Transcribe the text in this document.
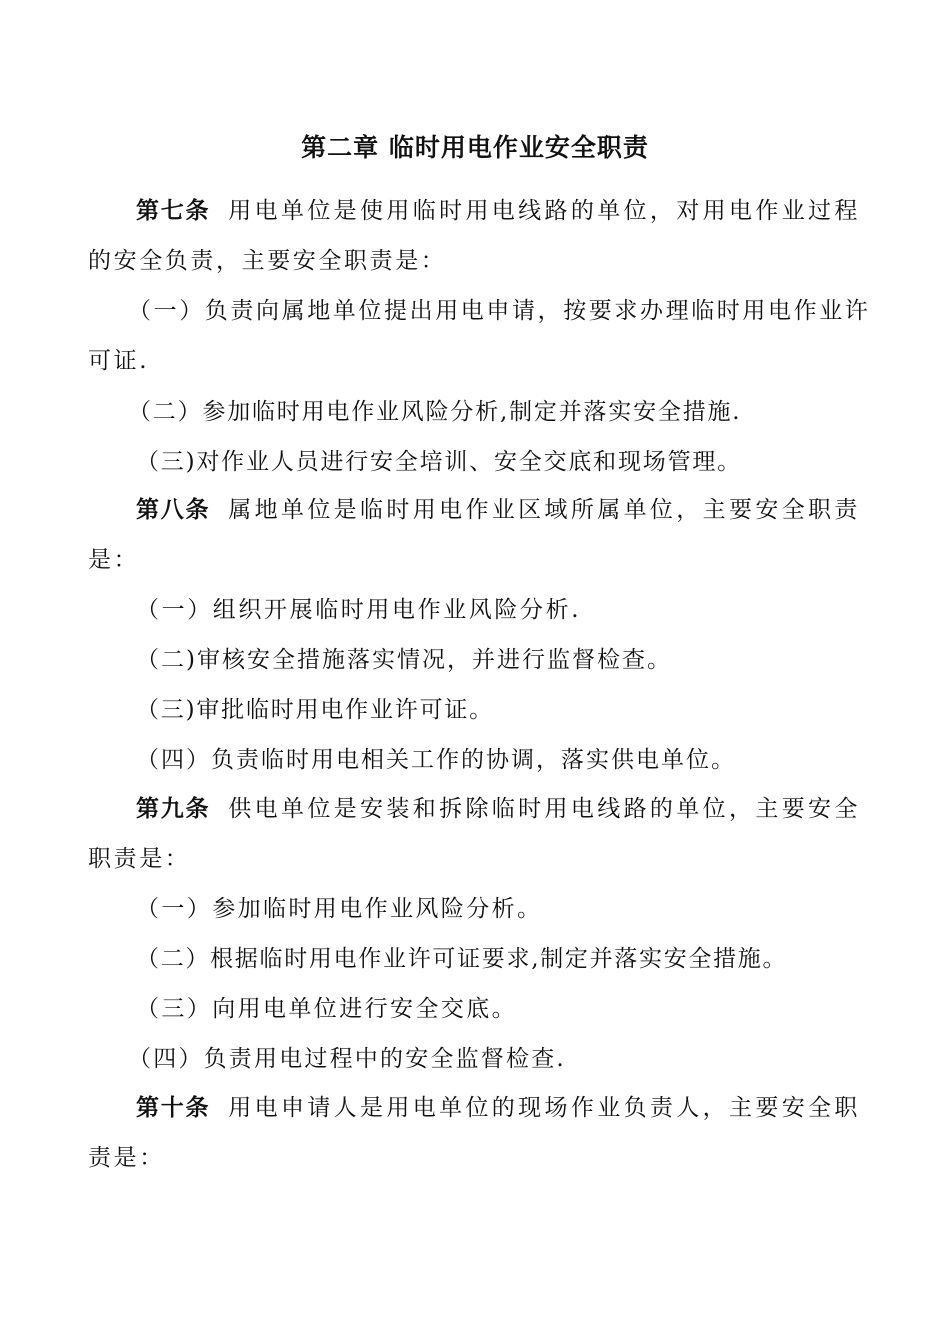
第二章 临时用电作业安全职责
第七条 用电单位是使用临时用电线路的单位，对用电作业过程
的安全负责，主要安全职责是：
（一）负责向属地单位提出用电申请，按要求办理临时用电作业许
可证.
（二）参加临时用电作业风险分析,制定并落实安全措施.
（三)对作业人员进行安全培训、安全交底和现场管理。
第八条 属地单位是临时用电作业区域所属单位，主要安全职责
是：
（一）组织开展临时用电作业风险分析.
（二)审核安全措施落实情况，并进行监督检查。
（三)审批临时用电作业许可证。
（四）负责临时用电相关工作的协调，落实供电单位。
第九条 供电单位是安装和拆除临时用电线路的单位，主要安全
职责是：
（一）参加临时用电作业风险分析。
（二）根据临时用电作业许可证要求,制定并落实安全措施。
（三）向用电单位进行安全交底。
（四）负责用电过程中的安全监督检查.
第十条 用电申请人是用电单位的现场作业负责人，主要安全职
责是：
